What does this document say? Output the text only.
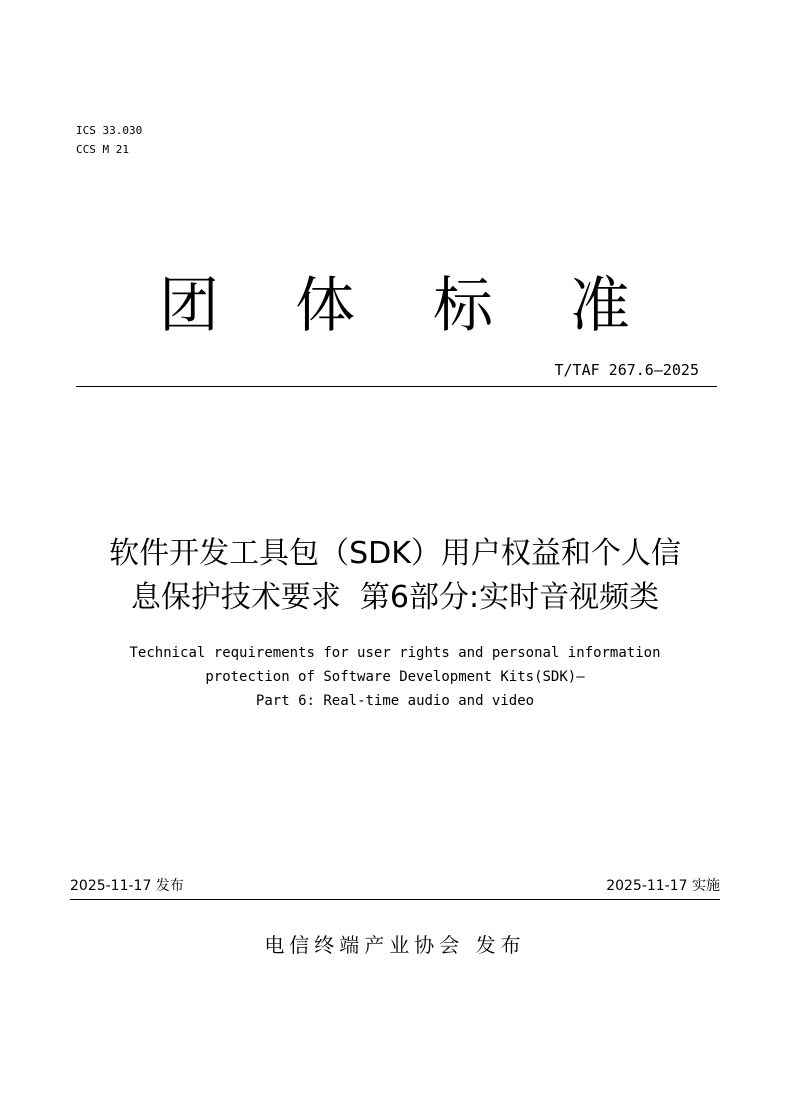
ICS 33.030
CCS M 21
团 体 标 准
T/TAF 267.6—2025
软件开发工具包（SDK）用户权益和个人信
息保护技术要求  第6部分:实时音视频类
Technical requirements for user rights and personal information
protection of Software Development Kits(SDK)—
Part 6: Real-time audio and video
2025-11-17 发布	2025-11-17 实施
电信终端产业协会 发布
